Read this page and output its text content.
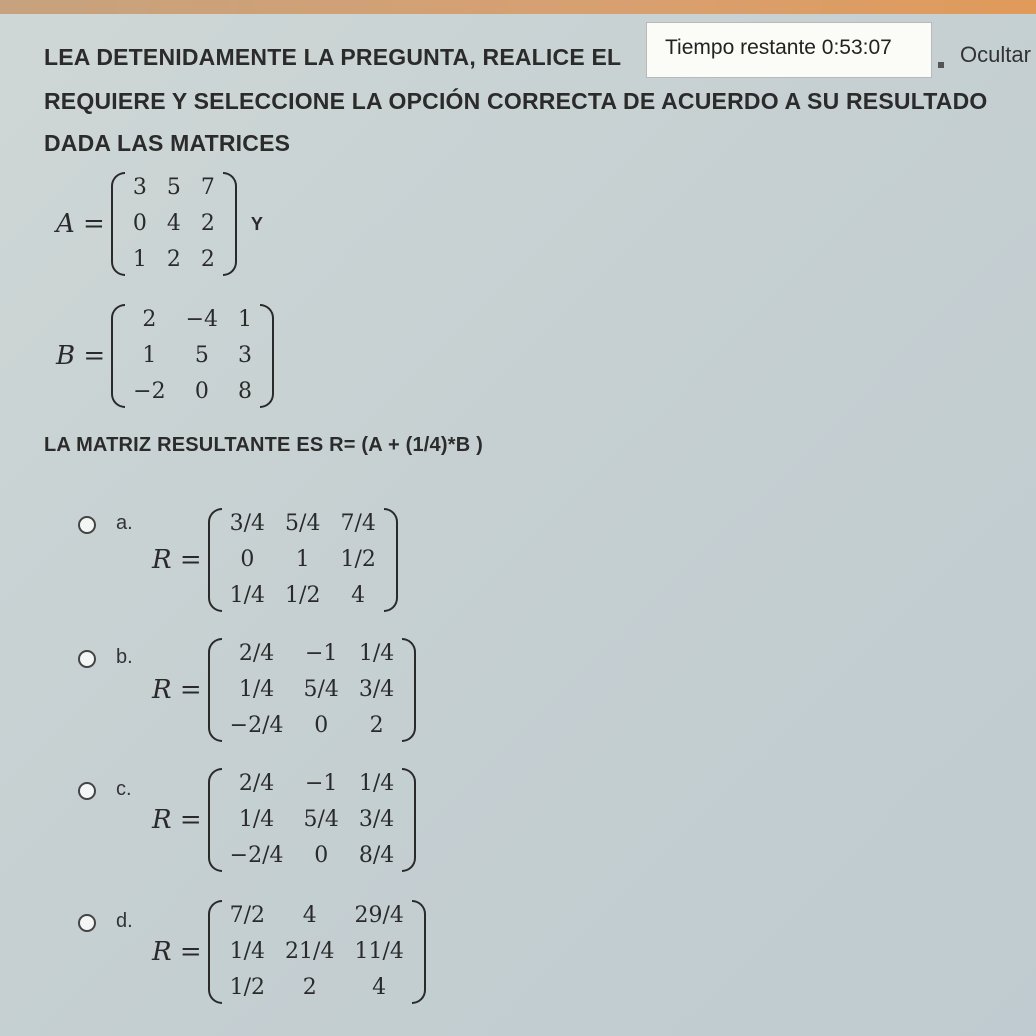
LEA DETENIDAMENTE LA PREGUNTA, REALICE EL
REQUIERE Y SELECCIONE LA OPCIÓN CORRECTA DE ACUERDO A SU RESULTADO
DADA LAS MATRICES
Tiempo restante 0:53:07	Ocultar
A =
3 5 7
0 4 2
1 2 2
Y
B =
2	−4 1
1	5	3
−2	0	8
LA MATRIZ RESULTANTE ES R= (A + (1/4)*B )
a.
R =
3/4 5/4 7/4
0	1	1/2
1/4 1/2	4
b.
R =
2/4	−1 1/4
1/4	5/4 3/4
−2/4	0	2
c.
R =
2/4	−1 1/4
1/4	5/4 3/4
−2/4	0	8/4
d.
R =
7/2	4	29/4
1/4 21/4 11/4
1/2	2	4
